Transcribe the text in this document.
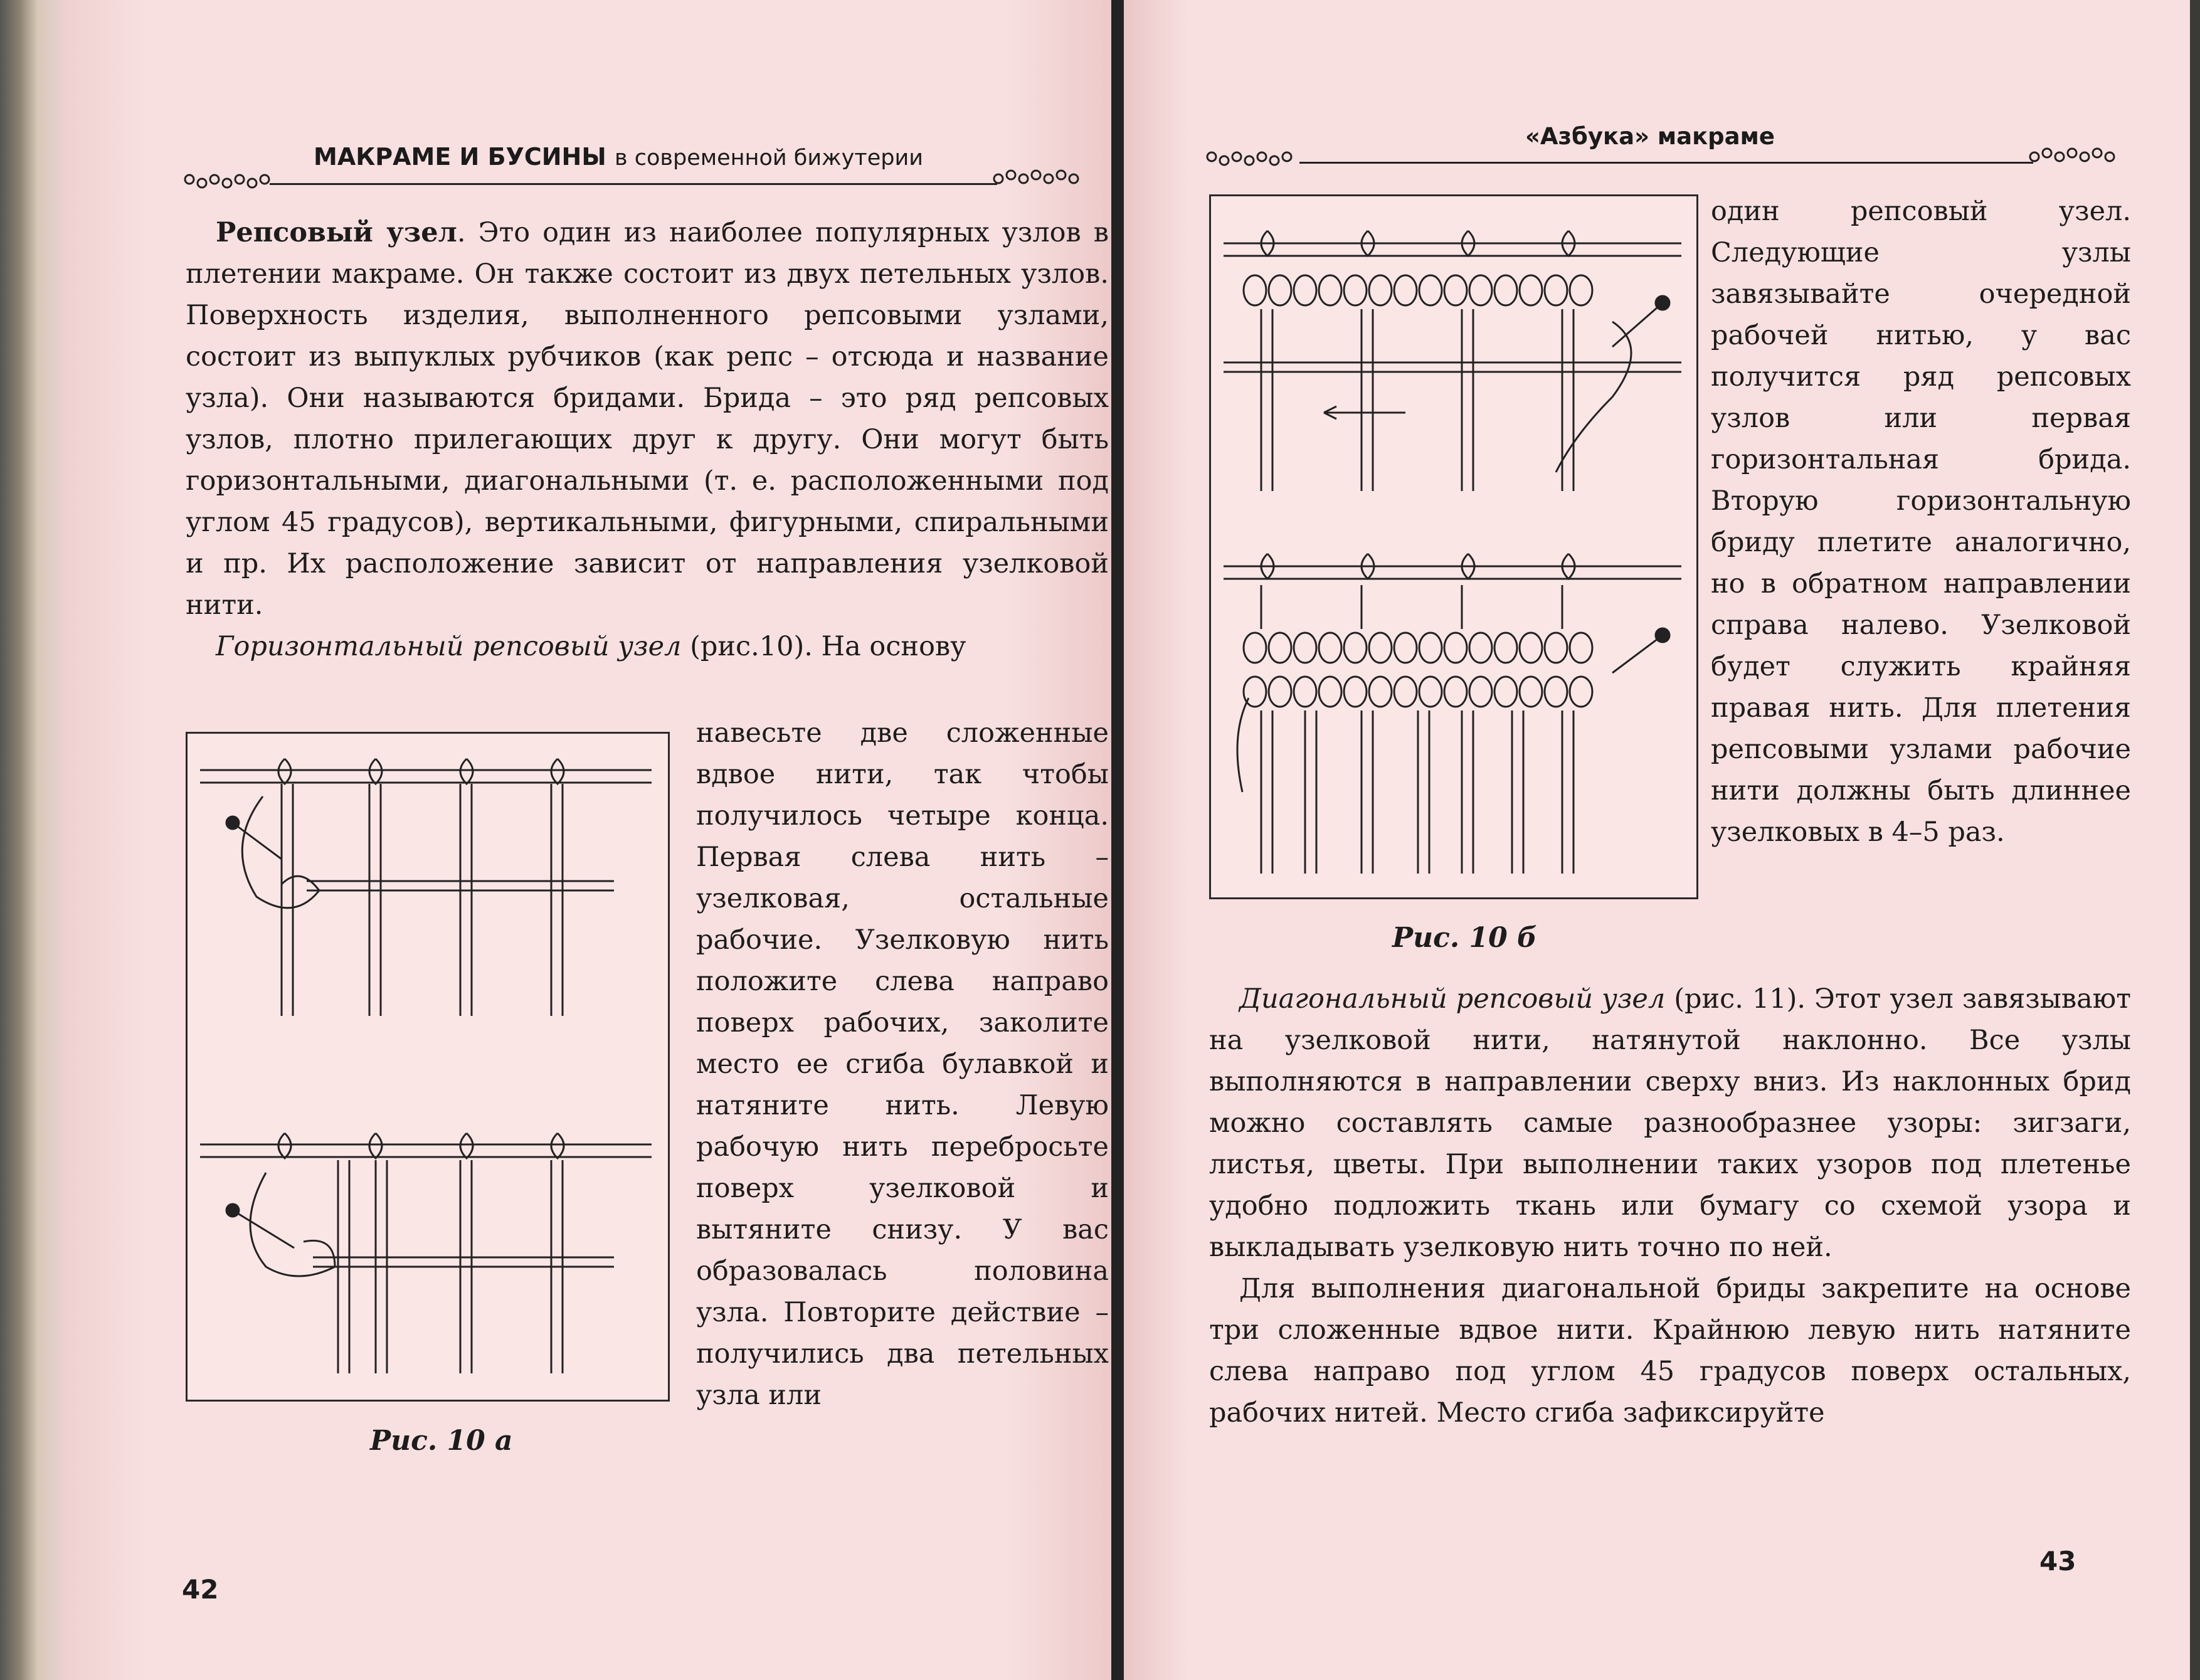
МАКРАМЕ И БУСИНЫ в современной бижутерии

Репсовый узел. Это один из наиболее популярных узлов в плетении макраме. Он также состоит из двух петельных узлов. Поверхность изделия, выполненного репсовыми узлами, состоит из выпуклых рубчиков (как репс – отсюда и название узла). Они называются бридами. Брида – это ряд репсовых узлов, плотно прилегающих друг к другу. Они могут быть горизонтальными, диагональными (т. е. расположенными под углом 45 градусов), вертикальными, фигурными, спиральными и пр. Их расположение зависит от направления узелковой нити.

Горизонтальный репсовый узел (рис.10). На основу

Рис. 10 а

навесьте две сложенные вдвое нити, так чтобы получилось четыре конца. Первая слева нить – узелковая, остальные рабочие. Узелковую нить положите слева направо поверх рабочих, заколите место ее сгиба булавкой и натяните нить. Левую рабочую нить перебросьте поверх узелковой и вытяните снизу. У вас образовалась половина узла. Повторите действие – получились два петельных узла или

42
«Азбука» макраме
Рис. 10 б

один репсовый узел. Следующие узлы завязывайте очередной рабочей нитью, у вас получится ряд репсовых узлов или первая горизонтальная брида. Вторую горизонтальную бриду плетите аналогично, но в обратном направлении справа налево. Узелковой будет служить крайняя правая нить. Для плетения репсовыми узлами рабочие нити должны быть длиннее узелковых в 4–5 раз.

Диагональный репсовый узел (рис. 11). Этот узел завязывают на узелковой нити, натянутой наклонно. Все узлы выполняются в направлении сверху вниз. Из наклонных брид можно составлять самые разнообразнее узоры: зигзаги, листья, цветы. При выполнении таких узоров под плетенье удобно подложить ткань или бумагу со схемой узора и выкладывать узелковую нить точно по ней.

Для выполнения диагональной бриды закрепите на основе три сложенные вдвое нити. Крайнюю левую нить натяните слева направо под углом 45 градусов поверх остальных, рабочих нитей. Место сгиба зафиксируйте

43
